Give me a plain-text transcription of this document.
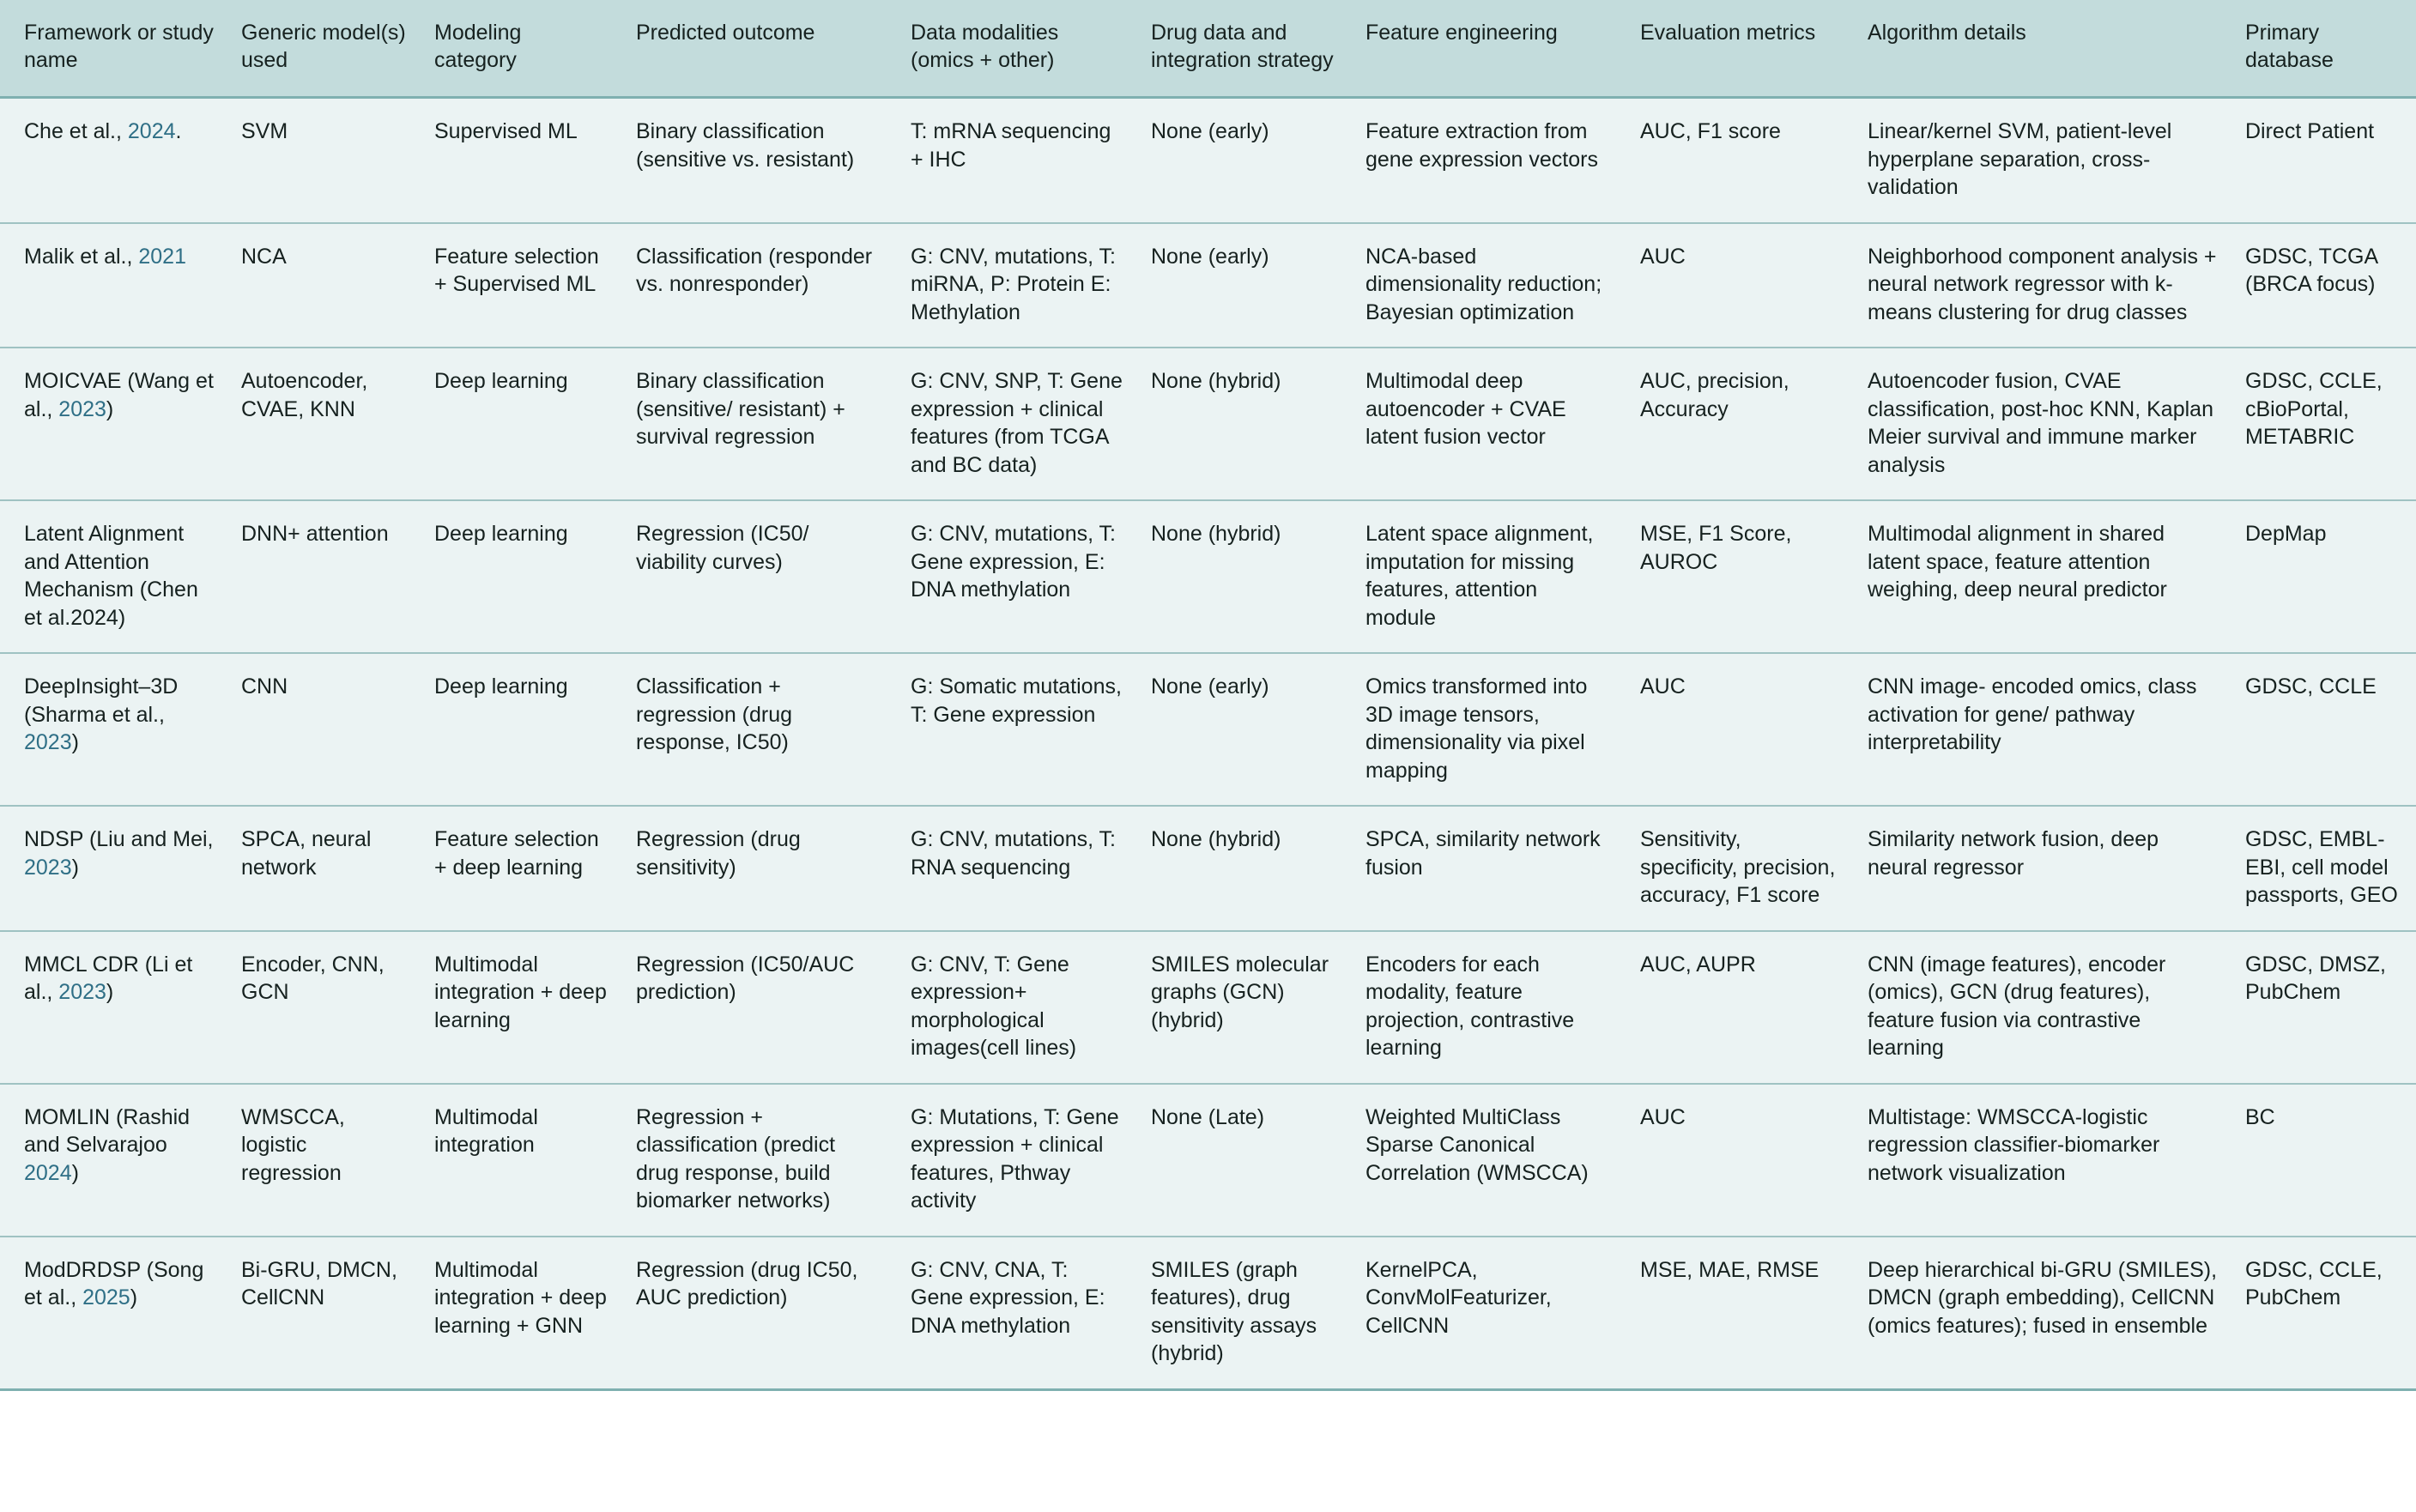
Framework or study name	Generic model(s) used	Modeling category	Predicted outcome	Data modalities (omics + other)	Drug data and integration strategy	Feature engineering	Evaluation metrics	Algorithm details	Primary database
Che et al., 2024.	SVM	Supervised ML	Binary classification (sensitive vs. resistant)	T: mRNA sequencing + IHC	None (early)	Feature extraction from gene expression vectors	AUC, F1 score	Linear/kernel SVM, patient-level hyperplane separation, cross-validation	Direct Patient
Malik et al., 2021	NCA	Feature selection + Supervised ML	Classification (responder vs. nonresponder)	G: CNV, mutations, T: miRNA, P: Protein E: Methylation	None (early)	NCA-based dimensionality reduction; Bayesian optimization	AUC	Neighborhood component analysis + neural network regressor with k-means clustering for drug classes	GDSC, TCGA (BRCA focus)
MOICVAE (Wang et al., 2023)	Autoencoder, CVAE, KNN	Deep learning	Binary classification (sensitive/ resistant) + survival regression	G: CNV, SNP, T: Gene expression + clinical features (from TCGA and BC data)	None (hybrid)	Multimodal deep autoencoder + CVAE latent fusion vector	AUC, precision, Accuracy	Autoencoder fusion, CVAE classification, post-hoc KNN, Kaplan Meier survival and immune marker analysis	GDSC, CCLE, cBioPortal, METABRIC
Latent Alignment and Attention Mechanism (Chen et al.2024)	DNN+ attention	Deep learning	Regression (IC50/ viability curves)	G: CNV, mutations, T: Gene expression, E: DNA methylation	None (hybrid)	Latent space alignment, imputation for missing features, attention module	MSE, F1 Score, AUROC	Multimodal alignment in shared latent space, feature attention weighing, deep neural predictor	DepMap
DeepInsight–3D (Sharma et al., 2023)	CNN	Deep learning	Classification + regression (drug response, IC50)	G: Somatic mutations, T: Gene expression	None (early)	Omics transformed into 3D image tensors, dimensionality via pixel mapping	AUC	CNN image- encoded omics, class activation for gene/ pathway interpretability	GDSC, CCLE
NDSP (Liu and Mei, 2023)	SPCA, neural network	Feature selection + deep learning	Regression (drug sensitivity)	G: CNV, mutations, T: RNA sequencing	None (hybrid)	SPCA, similarity network fusion	Sensitivity, specificity, precision, accuracy, F1 score	Similarity network fusion, deep neural regressor	GDSC, EMBL-EBI, cell model passports, GEO
MMCL CDR (Li et al., 2023)	Encoder, CNN, GCN	Multimodal integration + deep learning	Regression (IC50/AUC prediction)	G: CNV, T: Gene expression+ morphological images(cell lines)	SMILES molecular graphs (GCN) (hybrid)	Encoders for each modality, feature projection, contrastive learning	AUC, AUPR	CNN (image features), encoder (omics), GCN (drug features), feature fusion via contrastive learning	GDSC, DMSZ, PubChem
MOMLIN (Rashid and Selvarajoo 2024)	WMSCCA, logistic regression	Multimodal integration	Regression + classification (predict drug response, build biomarker networks)	G: Mutations, T: Gene expression + clinical features, Pthway activity	None (Late)	Weighted MultiClass Sparse Canonical Correlation (WMSCCA)	AUC	Multistage: WMSCCA-logistic regression classifier-biomarker network visualization	BC
ModDRDSP (Song et al., 2025)	Bi-GRU, DMCN, CellCNN	Multimodal integration + deep learning + GNN	Regression (drug IC50, AUC prediction)	G: CNV, CNA, T: Gene expression, E: DNA methylation	SMILES (graph features), drug sensitivity assays (hybrid)	KernelPCA, ConvMolFeaturizer, CellCNN	MSE, MAE, RMSE	Deep hierarchical bi-GRU (SMILES), DMCN (graph embedding), CellCNN (omics features); fused in ensemble	GDSC, CCLE, PubChem
